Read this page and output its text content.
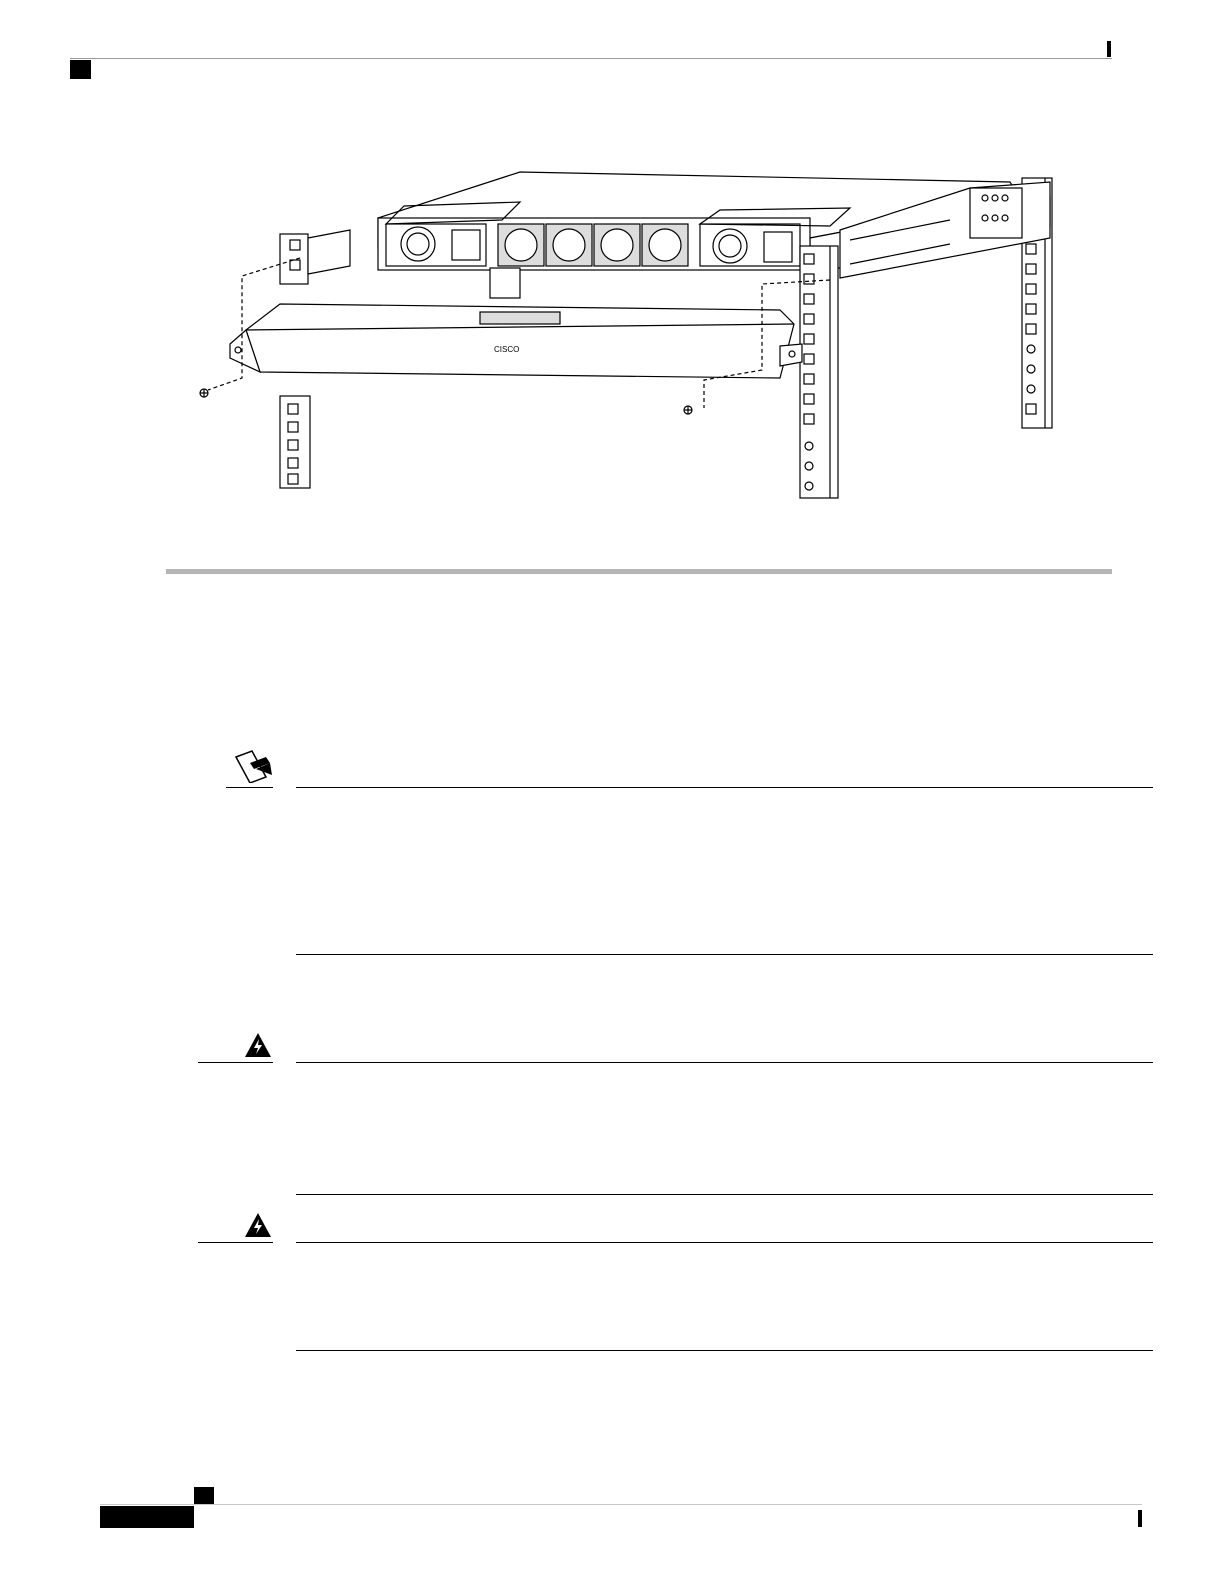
CISCO
